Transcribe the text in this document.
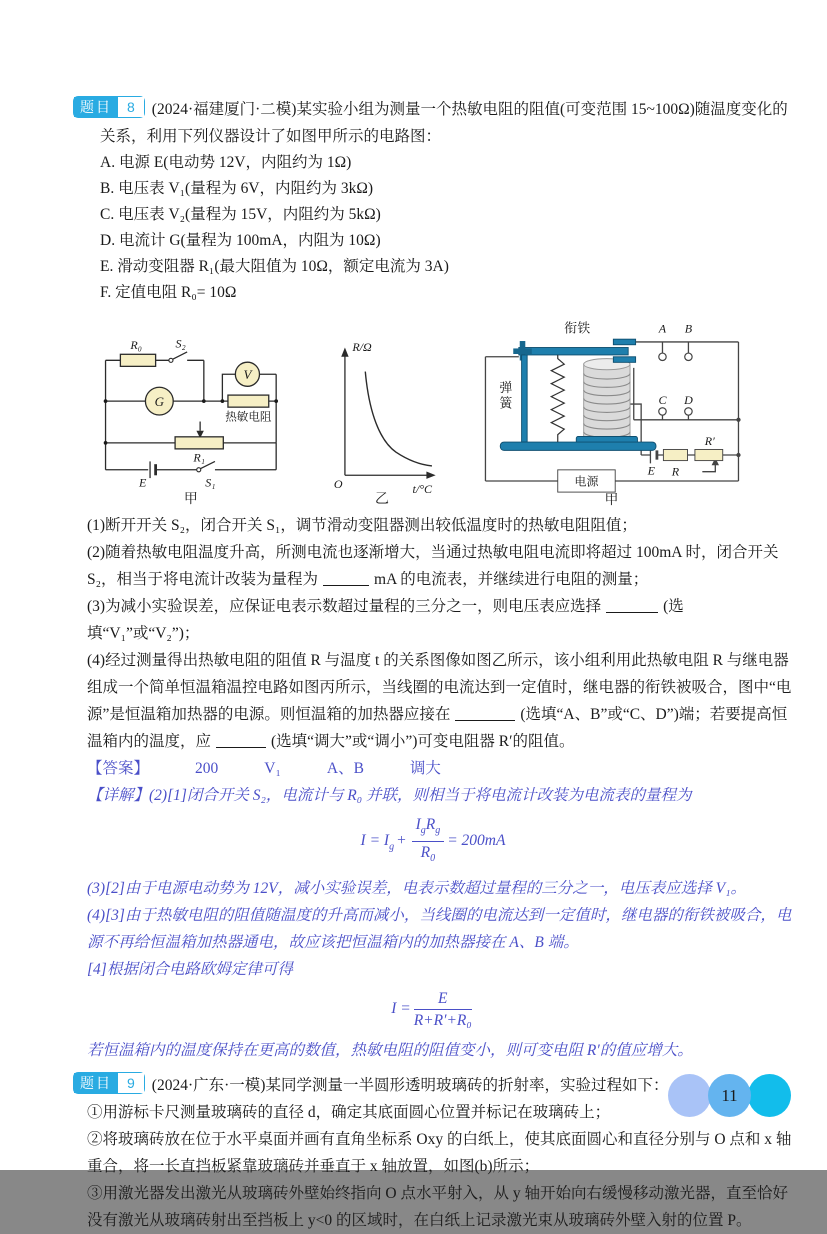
题目	8	(2024·福建厦门·二模)某实验小组为测量一个热敏电阻的阻值(可变范围 15~100Ω)随温度变化的关系，利用下列仪器设计了如图甲所示的电路图：

A. 电源 E(电动势 12V，内阻约为 1Ω)

B. 电压表 V₁(量程为 6V，内阻约为 3kΩ)

C. 电压表 V₂(量程为 15V，内阻约为 5kΩ)

D. 电流计 G(量程为 100mA，内阻为 10Ω)

E. 滑动变阻器 R₁(最大阻值为 10Ω，额定电流为 3A)

F. 定值电阻 R₀= 10Ω

R₀	S₂
G
V
热敏电阻
R₁
E	S₁
甲
R/Ω
t/°C
O
乙
衔铁
弹
簧
A B
C D
E R
R′
电源
甲

(1)断开开关 S₂，闭合开关 S₁，调节滑动变阻器测出较低温度时的热敏电阻阻值；

(2)随着热敏电阻温度升高，所测电流也逐渐增大，当通过热敏电阻电流即将超过 100mA 时，闭合开关 S₂，相当于将电流计改装为量程为	mA 的电流表，并继续进行电阻的测量；

(3)为减小实验误差，应保证电表示数超过量程的三分之一，则电压表应选择	(选填“V₁”或“V₂”)；

(4)经过测量得出热敏电阻的阻值 R 与温度 t 的关系图像如图乙所示，该小组利用此热敏电阻 R 与继电器组成一个简单恒温箱温控电路如图丙所示，当线圈的电流达到一定值时，继电器的衔铁被吸合，图中“电源”是恒温箱加热器的电源。则恒温箱的加热器应接在	(选填“A、B”或“C、D”)端；若要提高恒温箱内的温度，应	(选填“调大”或“调小”)可变电阻器 R′的阻值。

【答案】	200	V₁	A、B	调大

【详解】(2)[1]闭合开关 S₂，电流计与 R₀ 并联，则相当于将电流计改装为电流表的量程为

$I = I_g + \frac{I_gR_g}{R_0} = 200mA$

(3)[2]由于电源电动势为 12V，减小实验误差，电表示数超过量程的三分之一，电压表应选择 V₁。

(4)[3]由于热敏电阻的阻值随温度的升高而减小，当线圈的电流达到一定值时，继电器的衔铁被吸合，电源不再给恒温箱加热器通电，故应该把恒温箱内的加热器接在 A、B 端。

[4]根据闭合电路欧姆定律可得

$I = \frac{E}{\text{R+R′+R₀}}$

若恒温箱内的温度保持在更高的数值，热敏电阻的阻值变小，则可变电阻 R′的值应增大。

题目	9	(2024·广东·一模)某同学测量一半圆形透明玻璃砖的折射率，实验过程如下：

①用游标卡尺测量玻璃砖的直径 d，确定其底面圆心位置并标记在玻璃砖上；

②将玻璃砖放在位于水平桌面并画有直角坐标系 Oxy 的白纸上，使其底面圆心和直径分别与 O 点和 x 轴重合，将一长直挡板紧靠玻璃砖并垂直于 x 轴放置，如图(b)所示；

③用激光器发出激光从玻璃砖外壁始终指向 O 点水平射入，从 y 轴开始向右缓慢移动激光器，直至恰好没有激光从玻璃砖射出至挡板上 y<0 的区域时，在白纸上记录激光束从玻璃砖外壁入射的位置 P。

11
